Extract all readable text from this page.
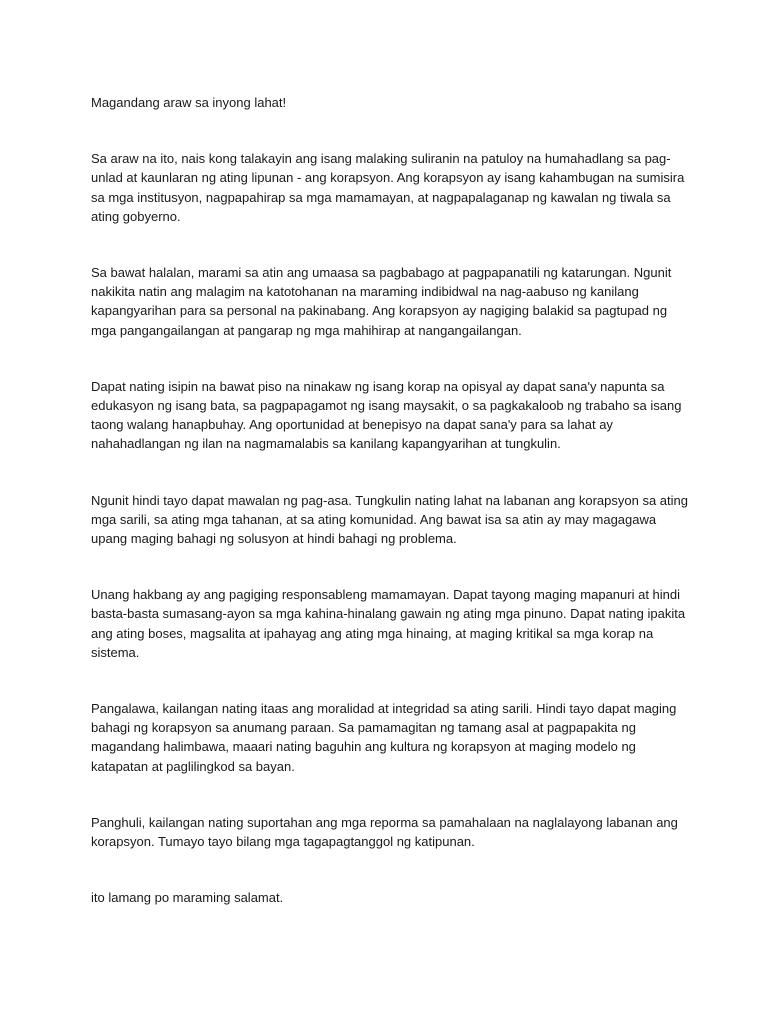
Magandang araw sa inyong lahat!

Sa araw na ito, nais kong talakayin ang isang malaking suliranin na patuloy na humahadlang sa pag-unlad at kaunlaran ng ating lipunan - ang korapsyon. Ang korapsyon ay isang kahambugan na sumisira sa mga institusyon, nagpapahirap sa mga mamamayan, at nagpapalaganap ng kawalan ng tiwala sa ating gobyerno.

Sa bawat halalan, marami sa atin ang umaasa sa pagbabago at pagpapanatili ng katarungan. Ngunit nakikita natin ang malagim na katotohanan na maraming indibidwal na nag-aabuso ng kanilang kapangyarihan para sa personal na pakinabang. Ang korapsyon ay nagiging balakid sa pagtupad ng mga pangangailangan at pangarap ng mga mahihirap at nangangailangan.

Dapat nating isipin na bawat piso na ninakaw ng isang korap na opisyal ay dapat sana'y napunta sa edukasyon ng isang bata, sa pagpapagamot ng isang maysakit, o sa pagkakaloob ng trabaho sa isang taong walang hanapbuhay. Ang oportunidad at benepisyo na dapat sana'y para sa lahat ay nahahadlangan ng ilan na nagmamalabis sa kanilang kapangyarihan at tungkulin.

Ngunit hindi tayo dapat mawalan ng pag-asa. Tungkulin nating lahat na labanan ang korapsyon sa ating mga sarili, sa ating mga tahanan, at sa ating komunidad. Ang bawat isa sa atin ay may magagawa upang maging bahagi ng solusyon at hindi bahagi ng problema.

Unang hakbang ay ang pagiging responsableng mamamayan. Dapat tayong maging mapanuri at hindi basta-basta sumasang-ayon sa mga kahina-hinalang gawain ng ating mga pinuno. Dapat nating ipakita ang ating boses, magsalita at ipahayag ang ating mga hinaing, at maging kritikal sa mga korap na sistema.

Pangalawa, kailangan nating itaas ang moralidad at integridad sa ating sarili. Hindi tayo dapat maging bahagi ng korapsyon sa anumang paraan. Sa pamamagitan ng tamang asal at pagpapakita ng magandang halimbawa, maaari nating baguhin ang kultura ng korapsyon at maging modelo ng katapatan at paglilingkod sa bayan.

Panghuli, kailangan nating suportahan ang mga reporma sa pamahalaan na naglalayong labanan ang korapsyon. Tumayo tayo bilang mga tagapagtanggol ng katipunan.

ito lamang po maraming salamat.
